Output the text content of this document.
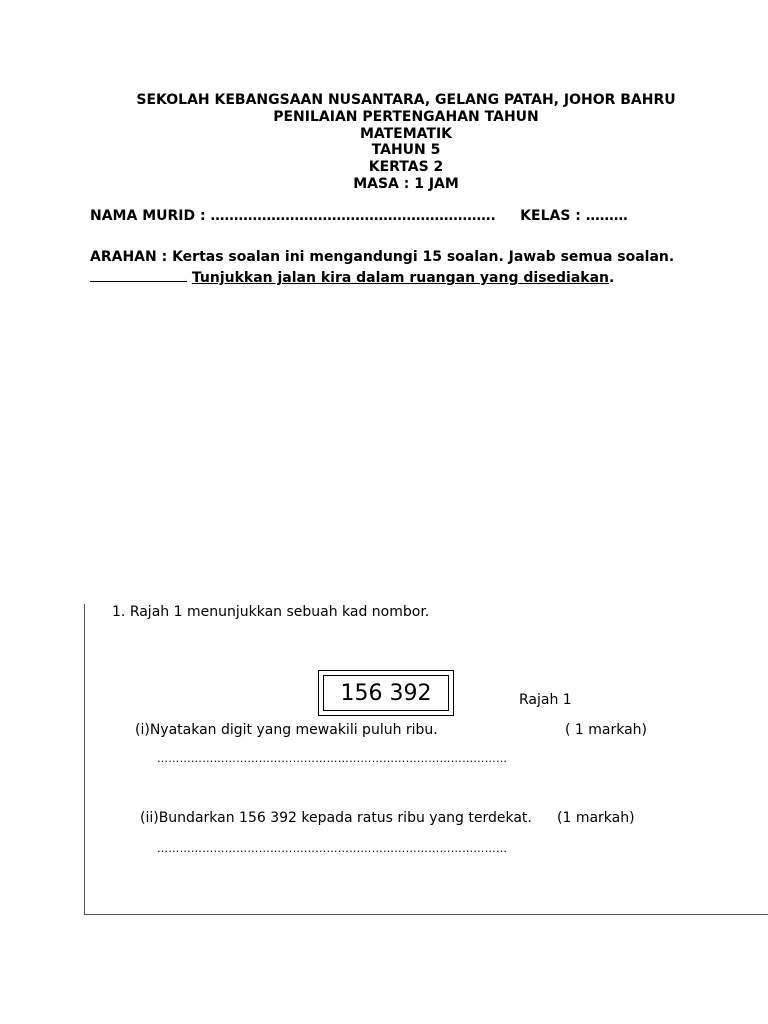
SEKOLAH KEBANGSAAN NUSANTARA, GELANG PATAH, JOHOR BAHRU
PENILAIAN PERTENGAHAN TAHUN
MATEMATIK
TAHUN 5
KERTAS 2
MASA : 1 JAM
NAMA MURID : ……………………………………………………. KELAS : ………
ARAHAN : Kertas soalan ini mengandungi 15 soalan. Jawab semua soalan.
Tunjukkan jalan kira dalam ruangan yang disediakan.
1. Rajah 1 menunjukkan sebuah kad nombor.
156 392	Rajah 1
(i)Nyatakan digit yang mewakili puluh ribu.	( 1 markah)
…………………………………………………………………………………
(ii)Bundarkan 156 392 kepada ratus ribu yang terdekat. (1 markah)
…………………………………………………………………………………
